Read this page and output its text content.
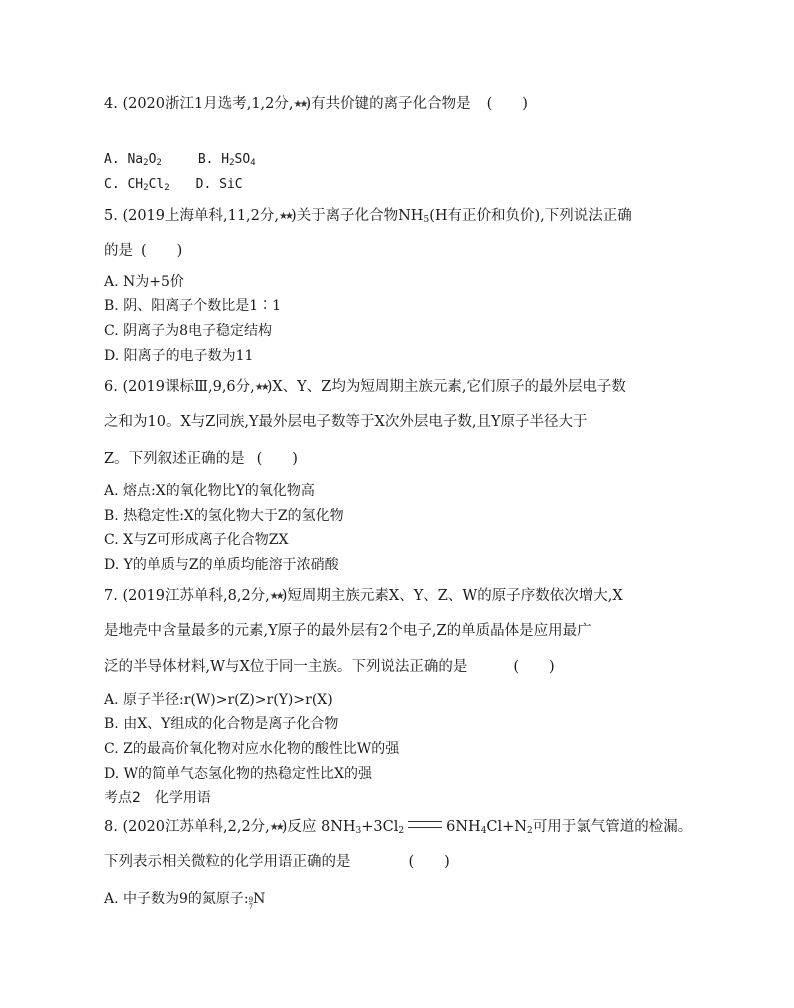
4. (2020浙江1月选考,1,2分,★★)有共价键的离子化合物是 ( )
A. $Na_2O_2$	B. $H_2SO_4$
C. $CH_2Cl_2$ D. SiC
5. (2019上海单科,11,2分,★★)关于离子化合物$NH_5(H$有正价和负价),下列说法正确
的是 ( )
A. N为+5价
B. 阴、阳离子个数比是1∶1
C. 阴离子为8电子稳定结构
D. 阳离子的电子数为11
6. (2019课标Ⅲ,9,6分,★★)X、Y、Z均为短周期主族元素,它们原子的最外层电子数
之和为10。X与Z同族,Y最外层电子数等于X次外层电子数,且Y原子半径大于
Z。下列叙述正确的是 ( )
A. 熔点:X的氧化物比Y的氧化物高
B. 热稳定性:X的氢化物大于Z的氢化物
C. X与Z可形成离子化合物ZX
D. Y的单质与Z的单质均能溶于浓硝酸
7. (2019江苏单科,8,2分,★★)短周期主族元素X、Y、Z、W的原子序数依次增大,X
是地壳中含量最多的元素,Y原子的最外层有2个电子,Z的单质晶体是应用最广
泛的半导体材料,W与X位于同一主族。下列说法正确的是	( )
A. 原子半径:r(W)>r(Z)>r(Y)>r(X)
B. 由X、Y组成的化合物是离子化合物
C. Z的最高价氧化物对应水化物的酸性比W的强
D. W的简单气态氢化物的热稳定性比X的强
考点2　化学用语
8. (2020江苏单科,2,2分,★★)反应 $8NH_3+3Cl_2$	$6NH_4Cl+N_2$可用于氯气管道的检漏。
下列表示相关微粒的化学用语正确的是	( )
A. 中子数为9的氮原子: 9
7 N
